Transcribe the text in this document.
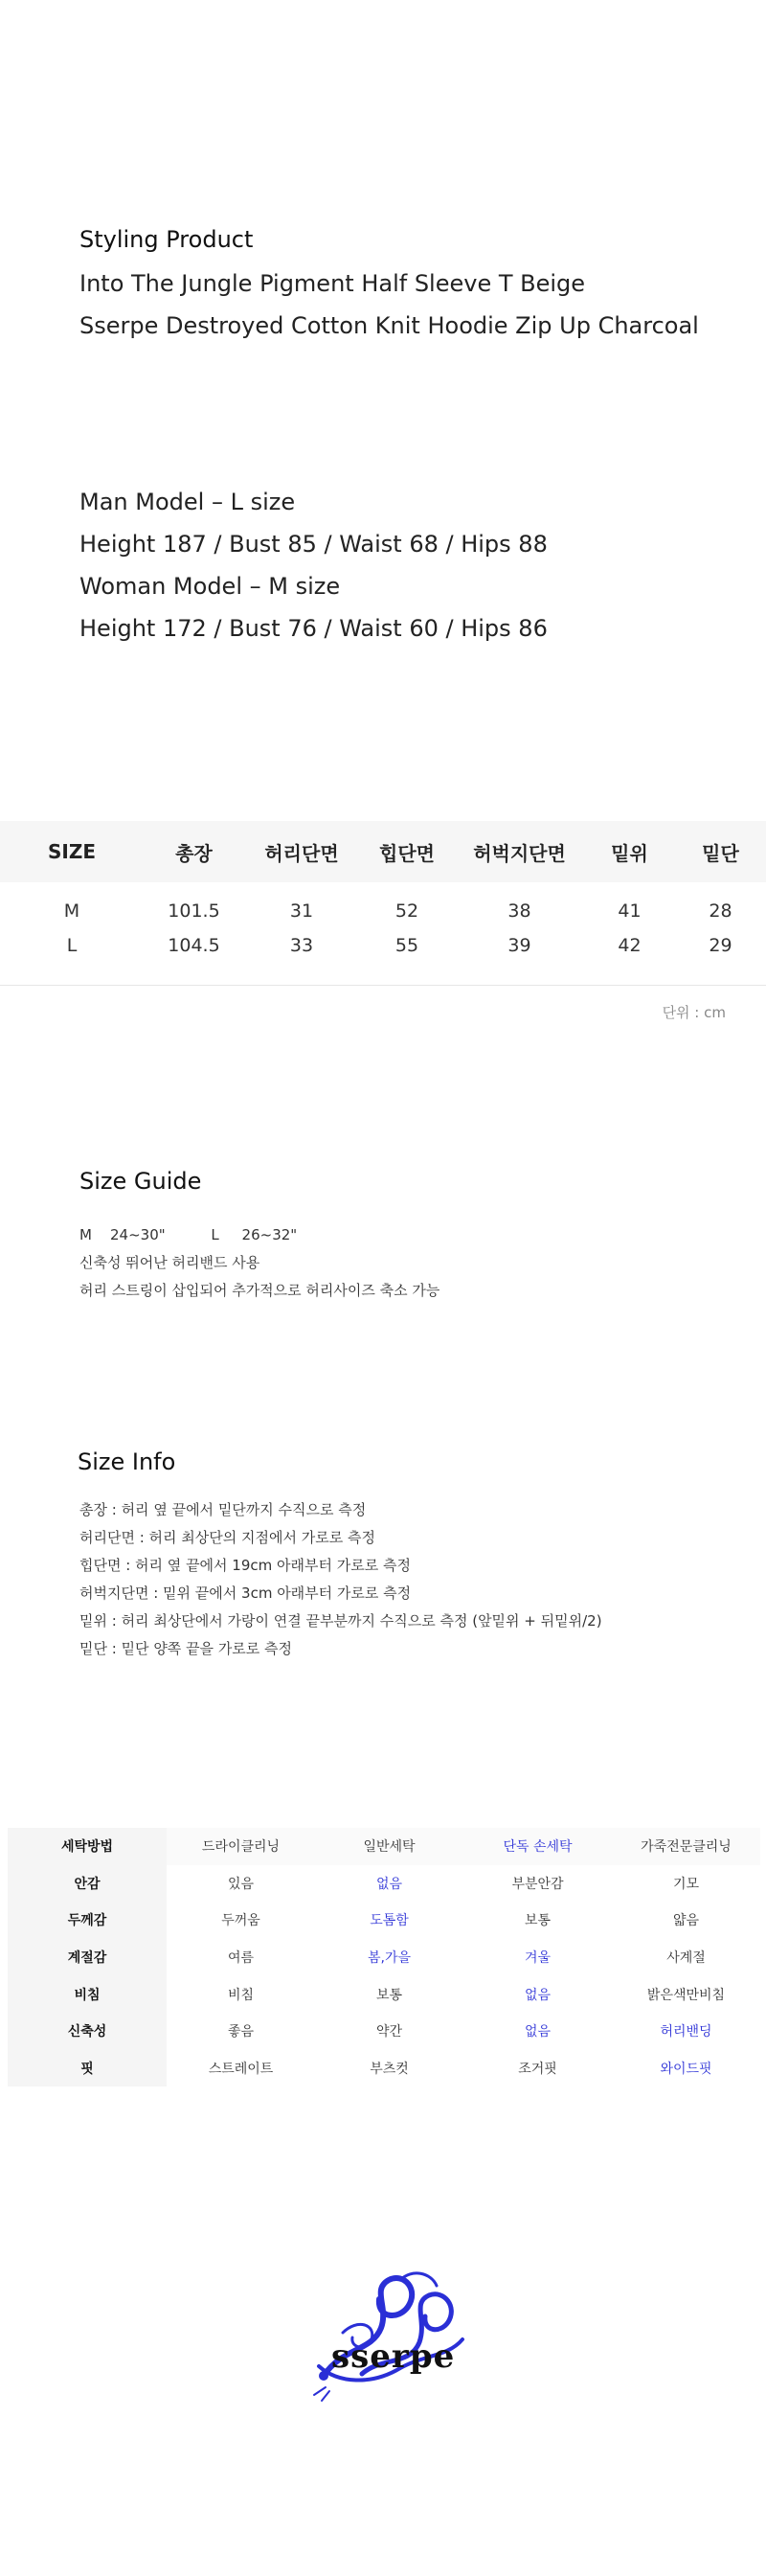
Styling Product
Into The Jungle Pigment Half Sleeve T Beige
Sserpe Destroyed Cotton Knit Hoodie Zip Up Charcoal
Man Model – L size
Height 187 / Bust 85 / Waist 68 / Hips 88
Woman Model – M size
Height 172 / Bust 76 / Waist 60 / Hips 86
SIZE	총장	허리단면	힙단면	허벅지단면	밑위	밑단
M	101.5	31	52	38	41	28
L	104.5	33	55	39	42	29
단위 : cm
Size Guide
M    24~30"          L     26~32"
신축성 뛰어난 허리밴드 사용
허리 스트링이 삽입되어 추가적으로 허리사이즈 축소 가능
Size Info
총장 : 허리 옆 끝에서 밑단까지 수직으로 측정
허리단면 : 허리 최상단의 지점에서 가로로 측정
힙단면 : 허리 옆 끝에서 19cm 아래부터 가로로 측정
허벅지단면 : 밑위 끝에서 3cm 아래부터 가로로 측정
밑위 : 허리 최상단에서 가랑이 연결 끝부분까지 수직으로 측정 (앞밑위 + 뒤밑위/2)
밑단 : 밑단 양쪽 끝을 가로로 측정
세탁방법	드라이클리닝	일반세탁	단독 손세탁	가죽전문클리닝
안감	있음	없음	부분안감	기모
두께감	두꺼움	도톰함	보통	얇음
계절감	여름	봄,가을	겨울	사계절
비침	비침	보통	없음	밝은색만비침
신축성	좋음	약간	없음	허리밴딩
핏	스트레이트	부츠컷	조거핏	와이드핏
sserpe
